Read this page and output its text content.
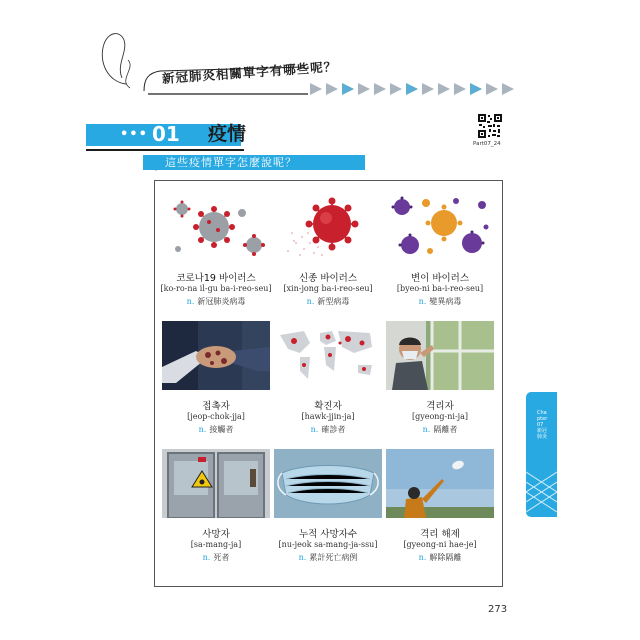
新冠肺炎相關單字有哪些呢？
••• 01 疫情	Part07_24
這些疫情單字怎麼說呢？
코로나19 바이러스
[ko-ro-na il-gu ba-i-reo-seu]
n. 新冠肺炎病毒
신종 바이러스
[xin-jong ba-i-reo-seu]
n. 新型病毒
변이 바이러스
[byeo-ni ba-i-reo-seu]
n. 變異病毒
접촉자
[jeop-chok-jja]
n. 接觸者
확진자
[hawk-jjin-ja]
n. 確診者
격리자
[gyeong-ni-ja]
n. 隔離者
사망자
[sa-mang-ja]
n. 死者
누적 사망자수
[nu-jeok sa-mang-ja-ssu]
n. 累計死亡病例
격리 해제
[gyeong-ni hae-je]
n. 解除隔離
Chapter 07 新冠肺炎
273
